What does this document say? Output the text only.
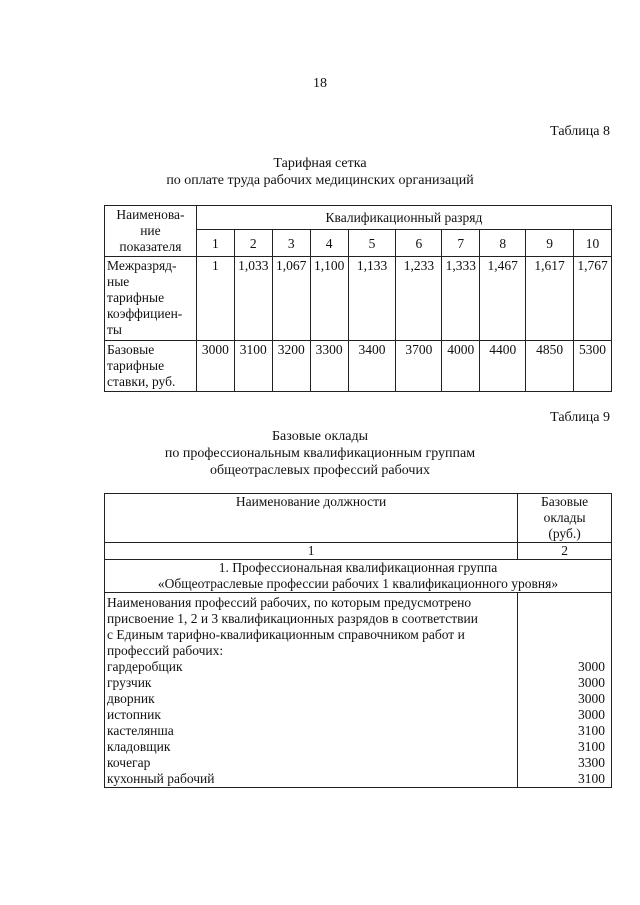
18
Таблица 8
Тарифная сетка
по оплате труда рабочих медицинских организаций
Наименова-
ние
показателя	Квалификационный разряд									
	1	2	3	4	5	6	7	8	9	10

Межразряд-
ные
тарифные
коэффициен-
ты	1	1,033	1,067	1,100	1,133	1,233	1,333	1,467	1,617	1,767

Базовые
тарифные
ставки, руб.	3000	3100	3200	3300	3400	3700	4000	4400	4850	5300
Таблица 9
Базовые оклады
по профессиональным квалификационным группам
общеотраслевых профессий рабочих
Наименование должности	Базовые
оклады
(руб.)

1	2

1. Профессиональная квалификационная группа
«Общеотраслевые профессии рабочих 1 квалификационного уровня»	

Наименования профессий рабочих, по которым предусмотрено
присвоение 1, 2 и 3 квалификационных разрядов в соответствии
с Единым тарифно-квалификационным справочником работ и
профессий рабочих:	

гардеробщик	3000
грузчик	3000
дворник	3000
истопник	3000
кастелянша	3100
кладовщик	3100
кочегар	3300
кухонный рабочий	3100
